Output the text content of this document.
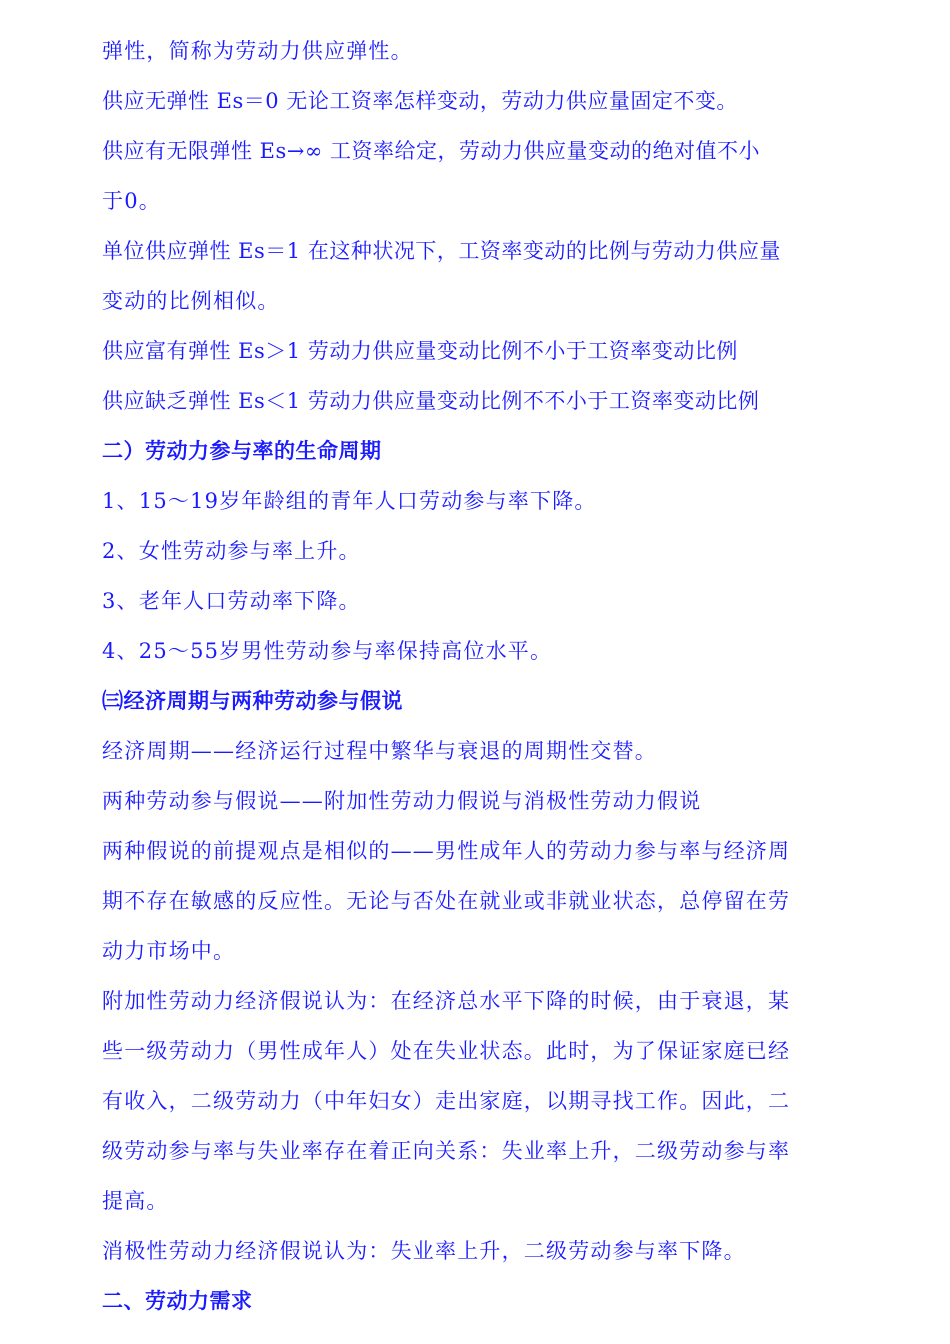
弹性，简称为劳动力供应弹性。

供应无弹性 Es＝0 无论工资率怎样变动，劳动力供应量固定不变。

供应有无限弹性 Es→∞ 工资率给定，劳动力供应量变动的绝对值不小

于0。

单位供应弹性 Es＝1 在这种状况下，工资率变动的比例与劳动力供应量

变动的比例相似。

供应富有弹性 Es＞1 劳动力供应量变动比例不小于工资率变动比例

供应缺乏弹性 Es＜1 劳动力供应量变动比例不不小于工资率变动比例

二）劳动力参与率的生命周期

1、15～19岁年龄组的青年人口劳动参与率下降。

2、女性劳动参与率上升。

3、老年人口劳动率下降。

4、25～55岁男性劳动参与率保持高位水平。

㈢经济周期与两种劳动参与假说

经济周期——经济运行过程中繁华与衰退的周期性交替。

两种劳动参与假说——附加性劳动力假说与消极性劳动力假说

两种假说的前提观点是相似的——男性成年人的劳动力参与率与经济周

期不存在敏感的反应性。无论与否处在就业或非就业状态，总停留在劳

动力市场中。

附加性劳动力经济假说认为：在经济总水平下降的时候，由于衰退，某

些一级劳动力（男性成年人）处在失业状态。此时，为了保证家庭已经

有收入，二级劳动力（中年妇女）走出家庭，以期寻找工作。因此，二

级劳动参与率与失业率存在着正向关系：失业率上升，二级劳动参与率

提高。

消极性劳动力经济假说认为：失业率上升，二级劳动参与率下降。

二、劳动力需求
